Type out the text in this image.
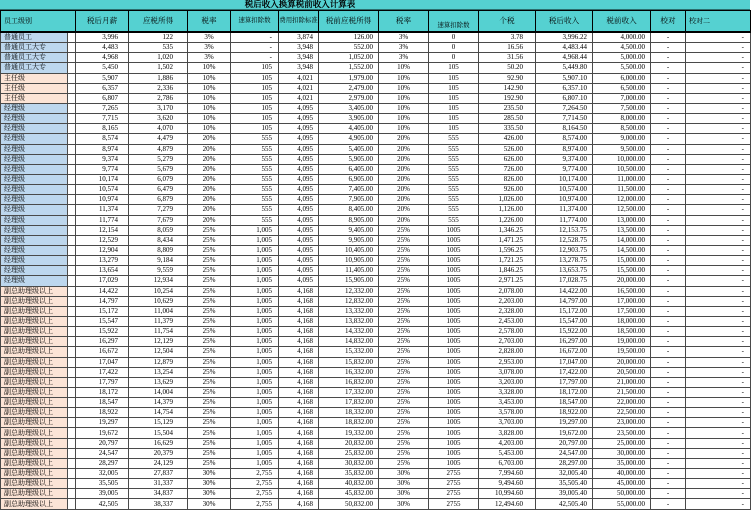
税后收入换算税前收入计算表
员工级别		税后月薪	应税所得	税率	速算扣除数	费用扣除标准	税前应税所得	税率	速算扣除数	个税	税后收入	税前收入	校对	校对二
普通员工		3,996	122	3%	-	3,874	126.00	3%	0	3.78	3,996.22	4,000.00	-	-
普通员工大专		4,483	535	3%	-	3,948	552.00	3%	0	16.56	4,483.44	4,500.00	-	-
普通员工大专		4,968	1,020	3%	-	3,948	1,052.00	3%	0	31.56	4,968.44	5,000.00	-	-
普通员工大专		5,450	1,502	10%	105	3,948	1,552.00	10%	105	50.20	5,449.80	5,500.00	-	-
主任级		5,907	1,886	10%	105	4,021	1,979.00	10%	105	92.90	5,907.10	6,000.00	-	-
主任级		6,357	2,336	10%	105	4,021	2,479.00	10%	105	142.90	6,357.10	6,500.00	-	-
主任级		6,807	2,786	10%	105	4,021	2,979.00	10%	105	192.90	6,807.10	7,000.00	-	-
经理级		7,265	3,170	10%	105	4,095	3,405.00	10%	105	235.50	7,264.50	7,500.00	-	-
经理级		7,715	3,620	10%	105	4,095	3,905.00	10%	105	285.50	7,714.50	8,000.00	-	-
经理级		8,165	4,070	10%	105	4,095	4,405.00	10%	105	335.50	8,164.50	8,500.00	-	-
经理级		8,574	4,479	20%	555	4,095	4,905.00	20%	555	426.00	8,574.00	9,000.00	-	-
经理级		8,974	4,879	20%	555	4,095	5,405.00	20%	555	526.00	8,974.00	9,500.00	-	-
经理级		9,374	5,279	20%	555	4,095	5,905.00	20%	555	626.00	9,374.00	10,000.00	-	-
经理级		9,774	5,679	20%	555	4,095	6,405.00	20%	555	726.00	9,774.00	10,500.00	-	-
经理级		10,174	6,079	20%	555	4,095	6,905.00	20%	555	826.00	10,174.00	11,000.00	-	-
经理级		10,574	6,479	20%	555	4,095	7,405.00	20%	555	926.00	10,574.00	11,500.00	-	-
经理级		10,974	6,879	20%	555	4,095	7,905.00	20%	555	1,026.00	10,974.00	12,000.00	-	-
经理级		11,374	7,279	20%	555	4,095	8,405.00	20%	555	1,126.00	11,374.00	12,500.00	-	-
经理级		11,774	7,679	20%	555	4,095	8,905.00	20%	555	1,226.00	11,774.00	13,000.00	-	-
经理级		12,154	8,059	25%	1,005	4,095	9,405.00	25%	1005	1,346.25	12,153.75	13,500.00	-	-
经理级		12,529	8,434	25%	1,005	4,095	9,905.00	25%	1005	1,471.25	12,528.75	14,000.00	-	-
经理级		12,904	8,809	25%	1,005	4,095	10,405.00	25%	1005	1,596.25	12,903.75	14,500.00	-	-
经理级		13,279	9,184	25%	1,005	4,095	10,905.00	25%	1005	1,721.25	13,278.75	15,000.00	-	-
经理级		13,654	9,559	25%	1,005	4,095	11,405.00	25%	1005	1,846.25	13,653.75	15,500.00	-	-
经理级		17,029	12,934	25%	1,005	4,095	15,905.00	25%	1005	2,971.25	17,028.75	20,000.00	-	-
副总助理级以上		14,422	10,254	25%	1,005	4,168	12,332.00	25%	1005	2,078.00	14,422.00	16,500.00	-	-
副总助理级以上		14,797	10,629	25%	1,005	4,168	12,832.00	25%	1005	2,203.00	14,797.00	17,000.00	-	-
副总助理级以上		15,172	11,004	25%	1,005	4,168	13,332.00	25%	1005	2,328.00	15,172.00	17,500.00	-	-
副总助理级以上		15,547	11,379	25%	1,005	4,168	13,832.00	25%	1005	2,453.00	15,547.00	18,000.00	-	-
副总助理级以上		15,922	11,754	25%	1,005	4,168	14,332.00	25%	1005	2,578.00	15,922.00	18,500.00	-	-
副总助理级以上		16,297	12,129	25%	1,005	4,168	14,832.00	25%	1005	2,703.00	16,297.00	19,000.00	-	-
副总助理级以上		16,672	12,504	25%	1,005	4,168	15,332.00	25%	1005	2,828.00	16,672.00	19,500.00	-	-
副总助理级以上		17,047	12,879	25%	1,005	4,168	15,832.00	25%	1005	2,953.00	17,047.00	20,000.00	-	-
副总助理级以上		17,422	13,254	25%	1,005	4,168	16,332.00	25%	1005	3,078.00	17,422.00	20,500.00	-	-
副总助理级以上		17,797	13,629	25%	1,005	4,168	16,832.00	25%	1005	3,203.00	17,797.00	21,000.00	-	-
副总助理级以上		18,172	14,004	25%	1,005	4,168	17,332.00	25%	1005	3,328.00	18,172.00	21,500.00	-	-
副总助理级以上		18,547	14,379	25%	1,005	4,168	17,832.00	25%	1005	3,453.00	18,547.00	22,000.00	-	-
副总助理级以上		18,922	14,754	25%	1,005	4,168	18,332.00	25%	1005	3,578.00	18,922.00	22,500.00	-	-
副总助理级以上		19,297	15,129	25%	1,005	4,168	18,832.00	25%	1005	3,703.00	19,297.00	23,000.00	-	-
副总助理级以上		19,672	15,504	25%	1,005	4,168	19,332.00	25%	1005	3,828.00	19,672.00	23,500.00	-	-
副总助理级以上		20,797	16,629	25%	1,005	4,168	20,832.00	25%	1005	4,203.00	20,797.00	25,000.00	-	-
副总助理级以上		24,547	20,379	25%	1,005	4,168	25,832.00	25%	1005	5,453.00	24,547.00	30,000.00	-	-
副总助理级以上		28,297	24,129	25%	1,005	4,168	30,832.00	25%	1005	6,703.00	28,297.00	35,000.00	-	-
副总助理级以上		32,005	27,837	30%	2,755	4,168	35,832.00	30%	2755	7,994.60	32,005.40	40,000.00	-	-
副总助理级以上		35,505	31,337	30%	2,755	4,168	40,832.00	30%	2755	9,494.60	35,505.40	45,000.00	-	-
副总助理级以上		39,005	34,837	30%	2,755	4,168	45,832.00	30%	2755	10,994.60	39,005.40	50,000.00	-	-
副总助理级以上		42,505	38,337	30%	2,755	4,168	50,832.00	30%	2755	12,494.60	42,505.40	55,000.00	-	-
